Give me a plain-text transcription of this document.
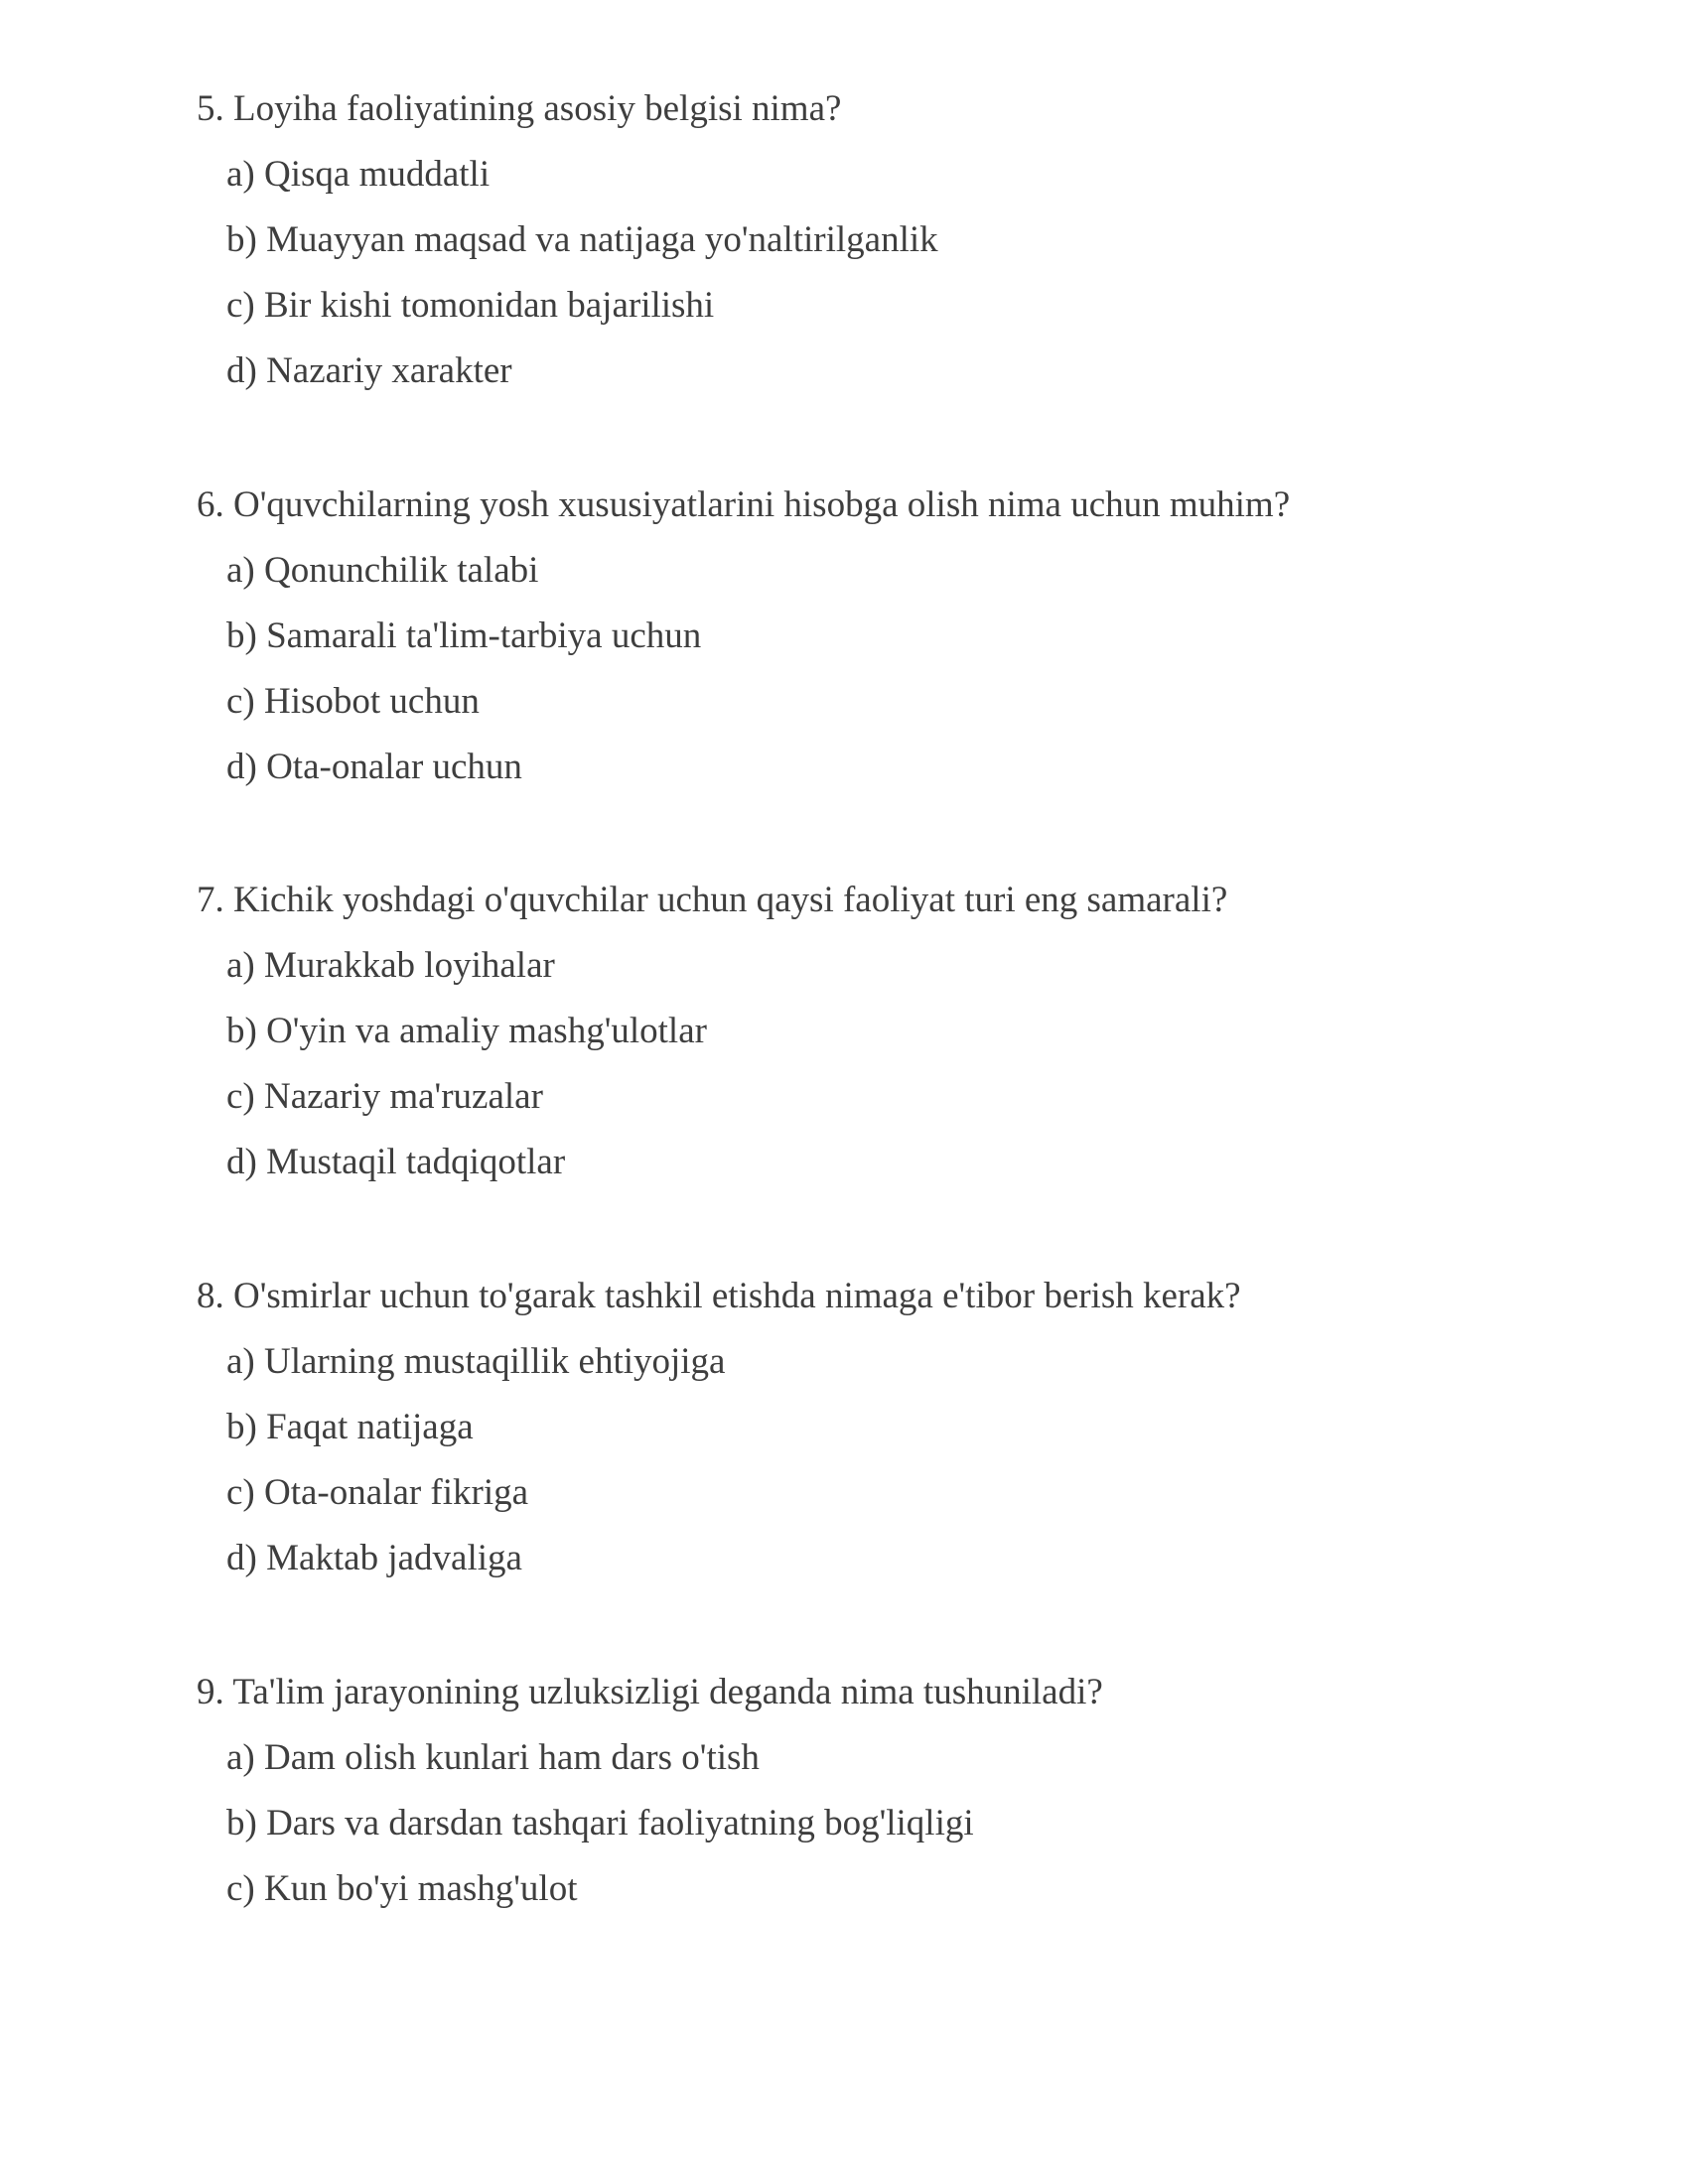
5. Loyiha faoliyatining asosiy belgisi nima?
a) Qisqa muddatli
b) Muayyan maqsad va natijaga yo'naltirilganlik
c) Bir kishi tomonidan bajarilishi
d) Nazariy xarakter
6. O'quvchilarning yosh xususiyatlarini hisobga olish nima uchun muhim?
a) Qonunchilik talabi
b) Samarali ta'lim-tarbiya uchun
c) Hisobot uchun
d) Ota-onalar uchun
7. Kichik yoshdagi o'quvchilar uchun qaysi faoliyat turi eng samarali?
a) Murakkab loyihalar
b) O'yin va amaliy mashg'ulotlar
c) Nazariy ma'ruzalar
d) Mustaqil tadqiqotlar
8. O'smirlar uchun to'garak tashkil etishda nimaga e'tibor berish kerak?
a) Ularning mustaqillik ehtiyojiga
b) Faqat natijaga
c) Ota-onalar fikriga
d) Maktab jadvaliga
9. Ta'lim jarayonining uzluksizligi deganda nima tushuniladi?
a) Dam olish kunlari ham dars o'tish
b) Dars va darsdan tashqari faoliyatning bog'liqligi
c) Kun bo'yi mashg'ulot
